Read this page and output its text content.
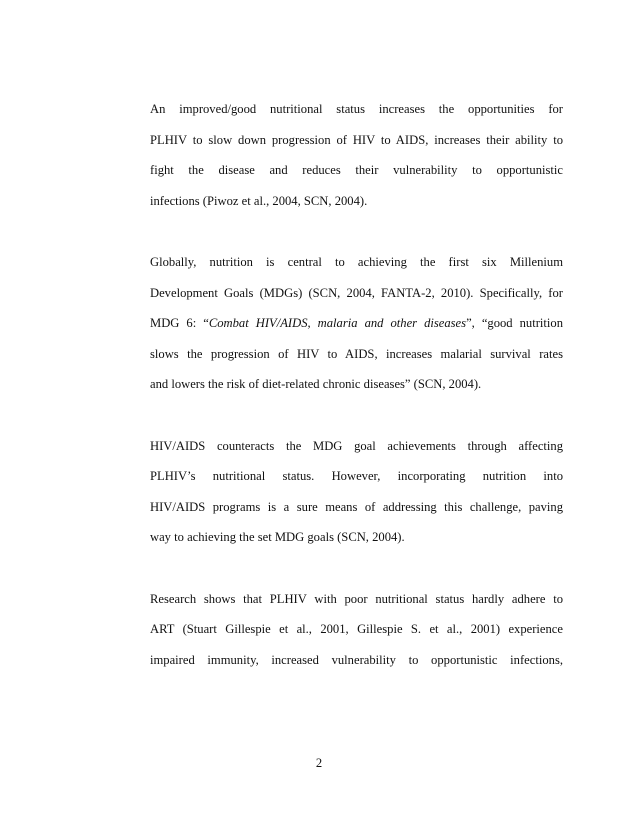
An improved/good nutritional status increases the opportunities for
PLHIV to slow down progression of HIV to AIDS, increases their ability to
fight the disease and reduces their vulnerability to opportunistic
infections (Piwoz et al., 2004, SCN, 2004).
Globally, nutrition is central to achieving the first six Millenium
Development Goals (MDGs) (SCN, 2004, FANTA-2, 2010). Specifically, for
MDG 6: “Combat HIV/AIDS, malaria and other diseases”, “good nutrition
slows the progression of HIV to AIDS, increases malarial survival rates
and lowers the risk of diet-related chronic diseases” (SCN, 2004).
HIV/AIDS counteracts the MDG goal achievements through affecting
PLHIV’s nutritional status. However, incorporating nutrition into
HIV/AIDS programs is a sure means of addressing this challenge, paving
way to achieving the set MDG goals (SCN, 2004).
Research shows that PLHIV with poor nutritional status hardly adhere to
ART (Stuart Gillespie et al., 2001, Gillespie S. et al., 2001) experience
impaired immunity, increased vulnerability to opportunistic infections,
2
